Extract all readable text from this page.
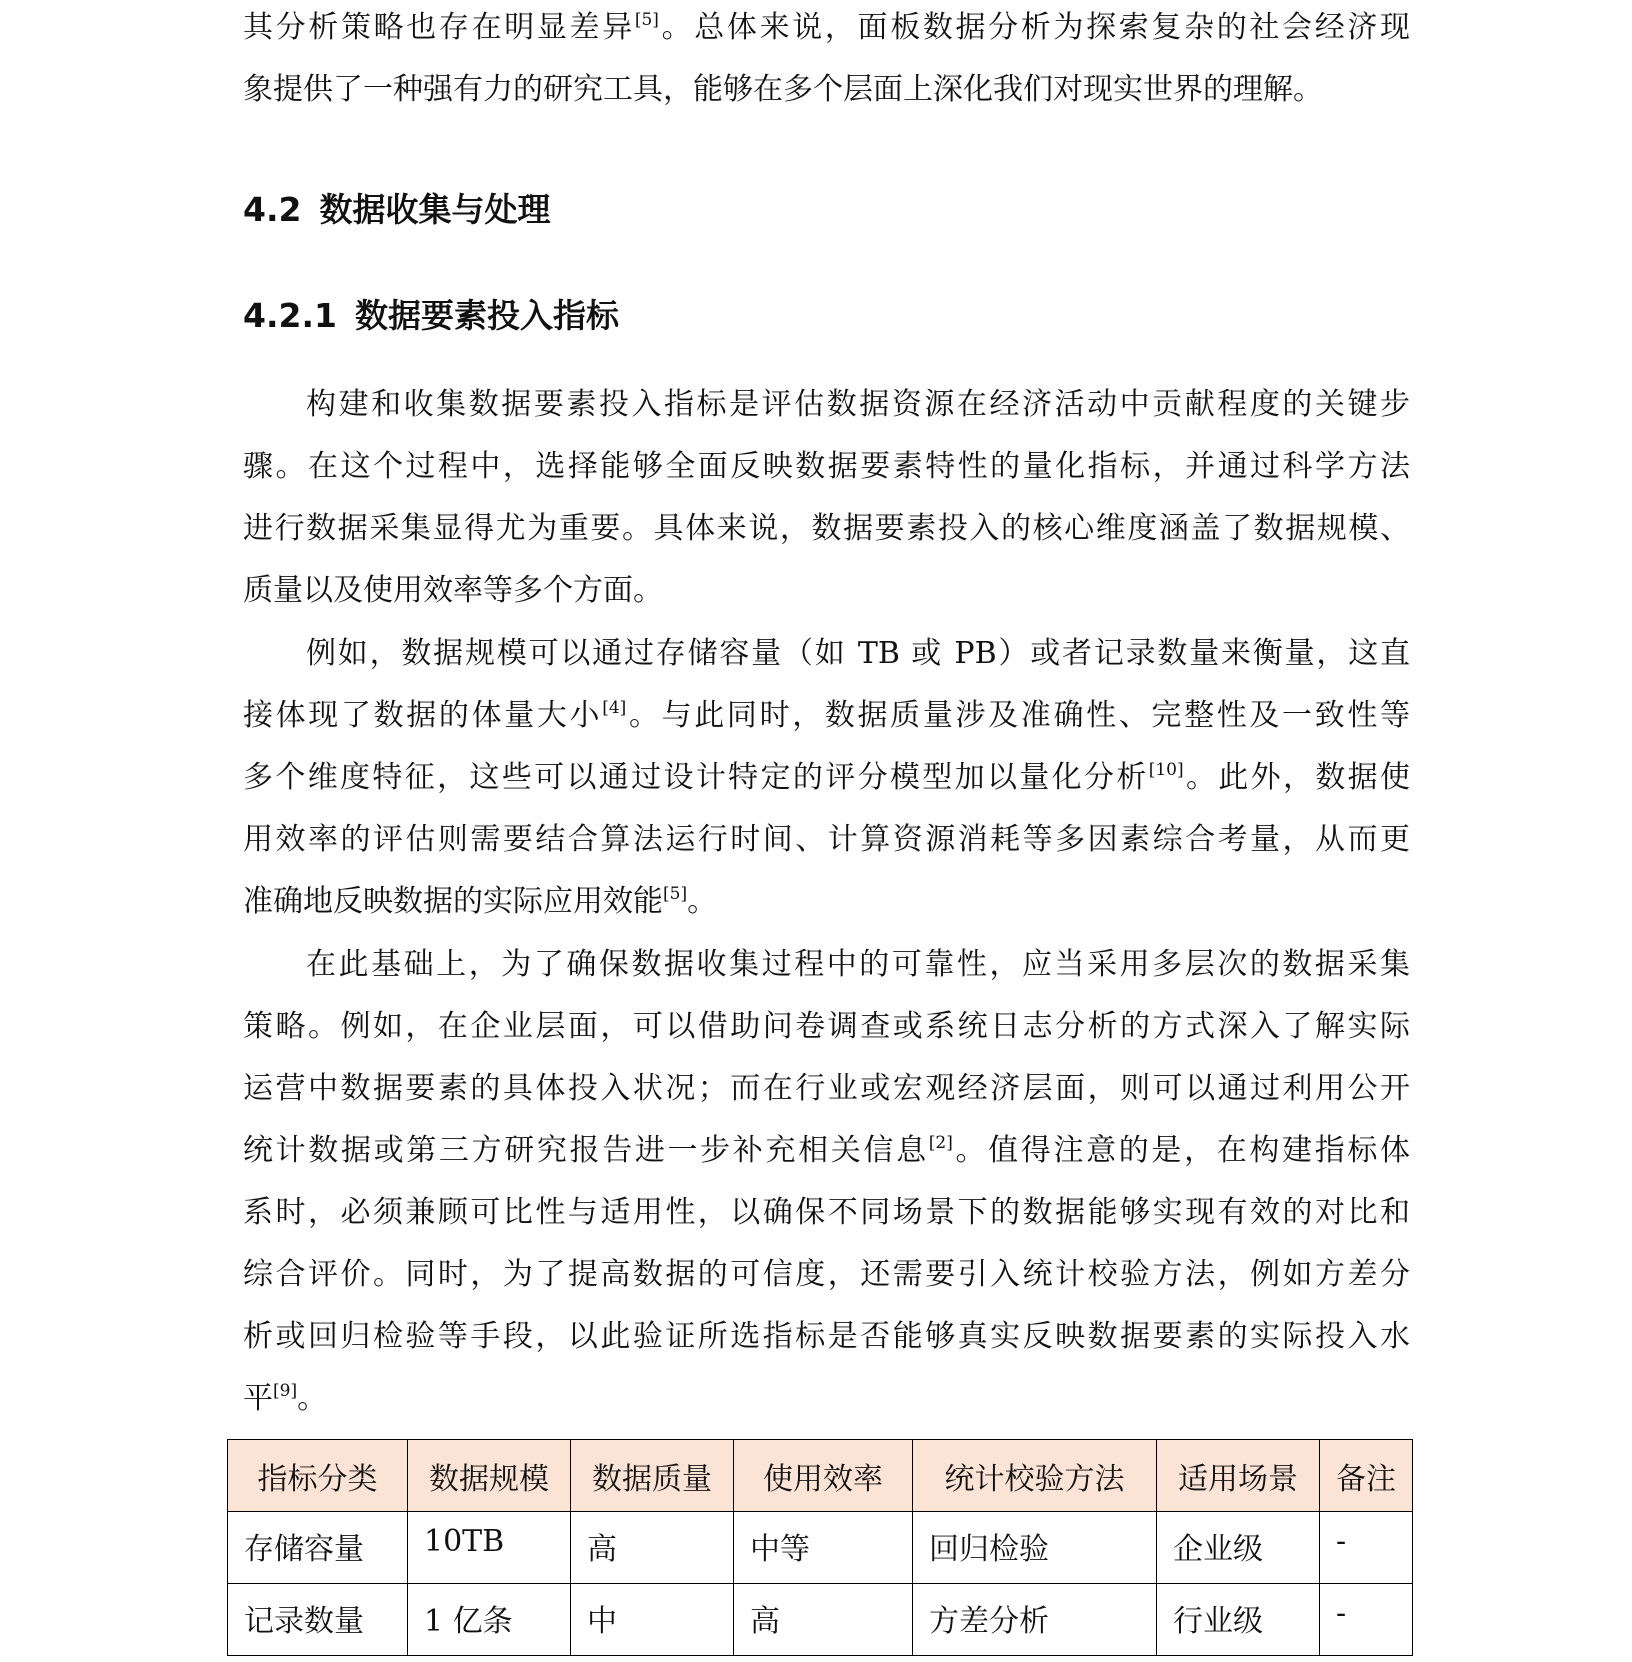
其分析策略也存在明显差异[5]。总体来说，面板数据分析为探索复杂的社会经济现
象提供了一种强有力的研究工具，能够在多个层面上深化我们对现实世界的理解。
4.2 数据收集与处理
4.2.1 数据要素投入指标
构建和收集数据要素投入指标是评估数据资源在经济活动中贡献程度的关键步
骤。在这个过程中，选择能够全面反映数据要素特性的量化指标，并通过科学方法
进行数据采集显得尤为重要。具体来说，数据要素投入的核心维度涵盖了数据规模、
质量以及使用效率等多个方面。
例如，数据规模可以通过存储容量（如 TB 或 PB）或者记录数量来衡量，这直
接体现了数据的体量大小[4]。与此同时，数据质量涉及准确性、完整性及一致性等
多个维度特征，这些可以通过设计特定的评分模型加以量化分析[10]。此外，数据使
用效率的评估则需要结合算法运行时间、计算资源消耗等多因素综合考量，从而更
准确地反映数据的实际应用效能[5]。
在此基础上，为了确保数据收集过程中的可靠性，应当采用多层次的数据采集
策略。例如，在企业层面，可以借助问卷调查或系统日志分析的方式深入了解实际
运营中数据要素的具体投入状况；而在行业或宏观经济层面，则可以通过利用公开
统计数据或第三方研究报告进一步补充相关信息[2]。值得注意的是，在构建指标体
系时，必须兼顾可比性与适用性，以确保不同场景下的数据能够实现有效的对比和
综合评价。同时，为了提高数据的可信度，还需要引入统计校验方法，例如方差分
析或回归检验等手段，以此验证所选指标是否能够真实反映数据要素的实际投入水
平[9]。
指标分类	数据规模	数据质量	使用效率	统计校验方法	适用场景	备注
存储容量	10TB	高	中等	回归检验	企业级	-
记录数量	1 亿条	中	高	方差分析	行业级	-
